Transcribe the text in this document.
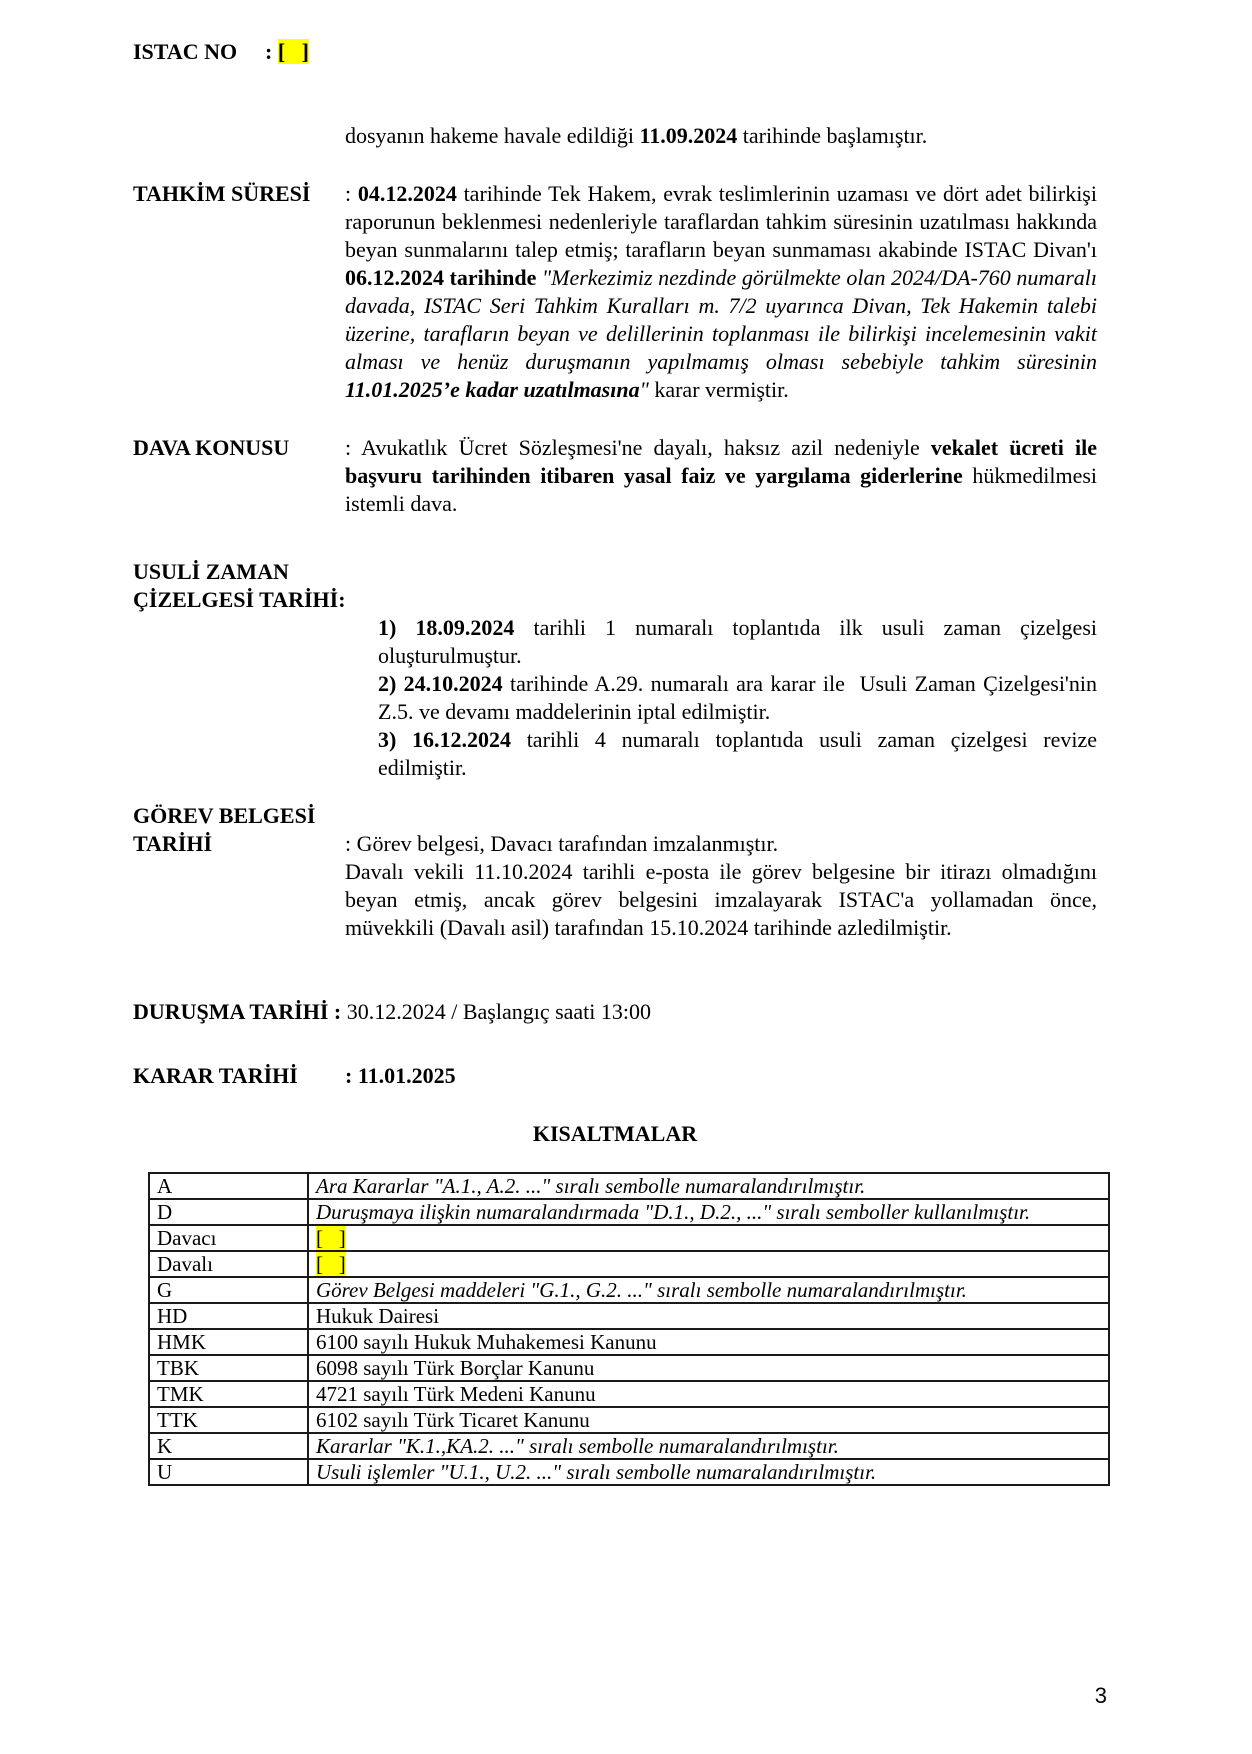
ISTAC NO	: [   ]
dosyanın hakeme havale edildiği 11.09.2024 tarihinde başlamıştır.
TAHKİM SÜRESİ	: 04.12.2024 tarihinde Tek Hakem, evrak teslimlerinin uzaması ve dört adet bilirkişi raporunun beklenmesi nedenleriyle taraflardan tahkim süresinin uzatılması hakkında beyan sunmalarını talep etmiş; tarafların beyan sunmaması akabinde ISTAC Divan'ı 06.12.2024 tarihinde "Merkezimiz nezdinde görülmekte olan 2024/DA-760 numaralı davada, ISTAC Seri Tahkim Kuralları m. 7/2 uyarınca Divan, Tek Hakemin talebi üzerine, tarafların beyan ve delillerinin toplanması ile bilirkişi incelemesinin vakit alması ve henüz duruşmanın yapılmamış olması sebebiyle tahkim süresinin 11.01.2025’e kadar uzatılmasına" karar vermiştir.
DAVA KONUSU	: Avukatlık Ücret Sözleşmesi'ne dayalı, haksız azil nedeniyle vekalet ücreti ile başvuru tarihinden itibaren yasal faiz ve yargılama giderlerine hükmedilmesi istemli dava.
USULİ ZAMAN
ÇİZELGESİ TARİHİ:
1) 18.09.2024 tarihli 1 numaralı toplantıda ilk usuli zaman çizelgesi oluşturulmuştur.
2) 24.10.2024 tarihinde A.29. numaralı ara karar ile  Usuli Zaman Çizelgesi'nin Z.5. ve devamı maddelerinin iptal edilmiştir.
3) 16.12.2024 tarihli 4 numaralı toplantıda usuli zaman çizelgesi revize edilmiştir.
GÖREV BELGESİ
TARİHİ	: Görev belgesi, Davacı tarafından imzalanmıştır.
Davalı vekili 11.10.2024 tarihli e-posta ile görev belgesine bir itirazı olmadığını beyan etmiş, ancak görev belgesini imzalayarak ISTAC'a yollamadan önce, müvekkili (Davalı asil) tarafından 15.10.2024 tarihinde azledilmiştir.
DURUŞMA TARİHİ : 30.12.2024 / Başlangıç saati 13:00
KARAR TARİHİ	: 11.01.2025
KISALTMALAR
A	Ara Kararlar "A.1., A.2. ..." sıralı sembolle numaralandırılmıştır.
D	Duruşmaya ilişkin numaralandırmada "D.1., D.2., ..." sıralı semboller kullanılmıştır.
Davacı	[   ]
Davalı	[   ]
G	Görev Belgesi maddeleri "G.1., G.2. ..." sıralı sembolle numaralandırılmıştır.
HD	Hukuk Dairesi
HMK	6100 sayılı Hukuk Muhakemesi Kanunu
TBK	6098 sayılı Türk Borçlar Kanunu
TMK	4721 sayılı Türk Medeni Kanunu
TTK	6102 sayılı Türk Ticaret Kanunu
K	Kararlar "K.1.,KA.2. ..." sıralı sembolle numaralandırılmıştır.
U	Usuli işlemler "U.1., U.2. ..." sıralı sembolle numaralandırılmıştır.
3
